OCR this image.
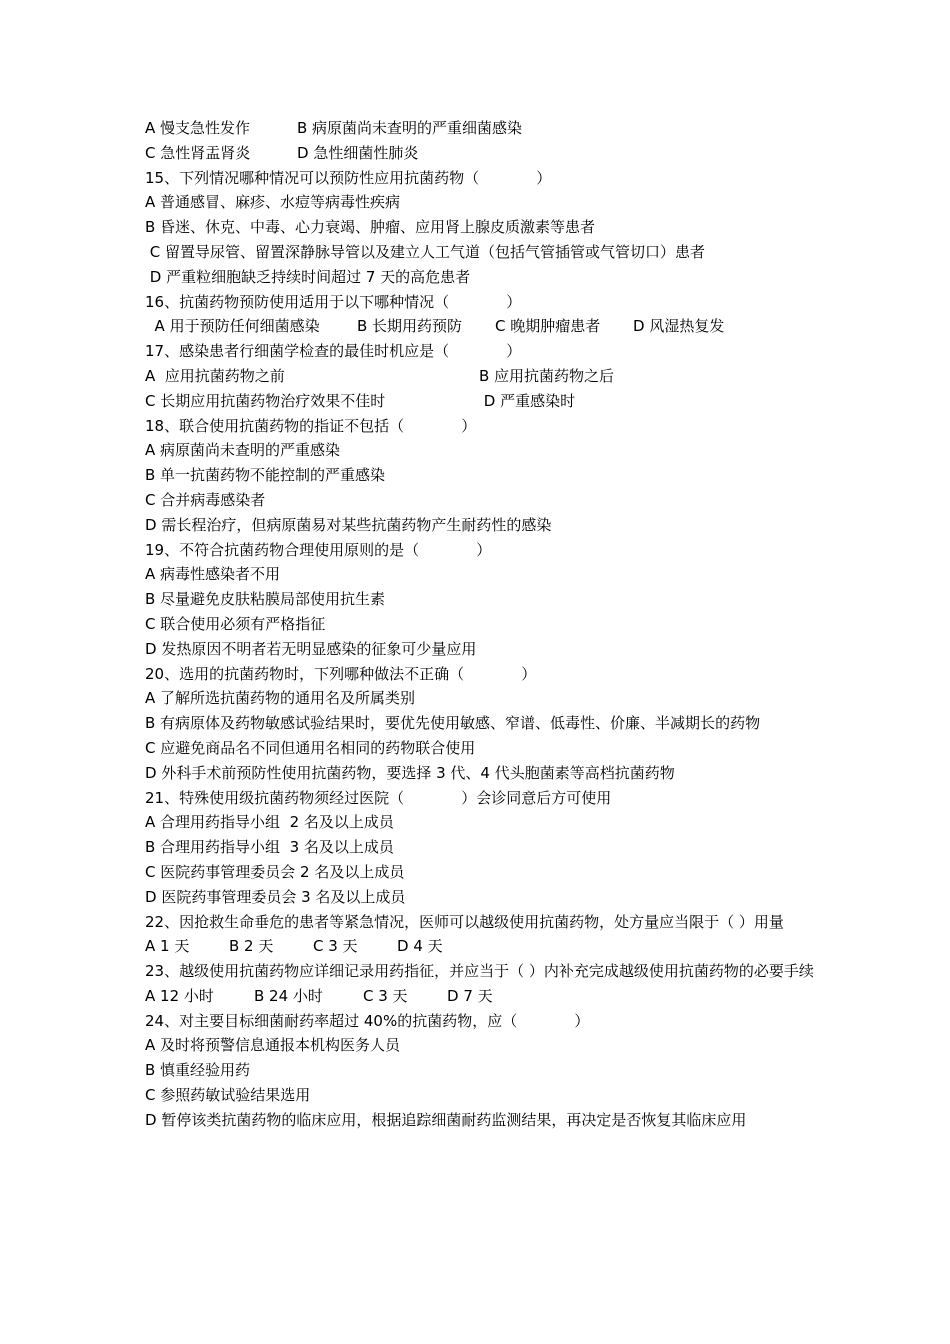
A 慢支急性发作	B 病原菌尚未查明的严重细菌感染
C 急性肾盂肾炎	D 急性细菌性肺炎
15、下列情况哪种情况可以预防性应用抗菌药物（            ）
A 普通感冒、麻疹、水痘等病毒性疾病
B 昏迷、休克、中毒、心力衰竭、肿瘤、应用肾上腺皮质激素等患者
C 留置导尿管、留置深静脉导管以及建立人工气道（包括气管插管或气管切口）患者
D 严重粒细胞缺乏持续时间超过 7 天的高危患者
16、抗菌药物预防使用适用于以下哪种情况（            ）
A 用于预防任何细菌感染	B 长期用药预防	C 晚期肿瘤患者	D 风湿热复发
17、感染患者行细菌学检查的最佳时机应是（            ）
A  应用抗菌药物之前	B 应用抗菌药物之后
C 长期应用抗菌药物治疗效果不佳时	D 严重感染时
18、联合使用抗菌药物的指证不包括（            ）
A 病原菌尚未查明的严重感染
B 单一抗菌药物不能控制的严重感染
C 合并病毒感染者
D 需长程治疗，但病原菌易对某些抗菌药物产生耐药性的感染
19、不符合抗菌药物合理使用原则的是（            ）
A 病毒性感染者不用
B 尽量避免皮肤粘膜局部使用抗生素
C 联合使用必须有严格指征
D 发热原因不明者若无明显感染的征象可少量应用
20、选用的抗菌药物时，下列哪种做法不正确（            ）
A 了解所选抗菌药物的通用名及所属类别
B 有病原体及药物敏感试验结果时，要优先使用敏感、窄谱、低毒性、价廉、半减期长的药物
C 应避免商品名不同但通用名相同的药物联合使用
D 外科手术前预防性使用抗菌药物，要选择 3 代、4 代头胞菌素等高档抗菌药物
21、特殊使用级抗菌药物须经过医院（            ）会诊同意后方可使用
A 合理用药指导小组  2 名及以上成员
B 合理用药指导小组  3 名及以上成员
C 医院药事管理委员会 2 名及以上成员
D 医院药事管理委员会 3 名及以上成员
22、因抢救生命垂危的患者等紧急情况，医师可以越级使用抗菌药物，处方量应当限于（ ）用量
A 1 天	B 2 天	C 3 天	D 4 天
23、越级使用抗菌药物应详细记录用药指征，并应当于（ ）内补充完成越级使用抗菌药物的必要手续
A 12 小时	B 24 小时	C 3 天	D 7 天
24、对主要目标细菌耐药率超过 40%的抗菌药物，应（            ）
A 及时将预警信息通报本机构医务人员
B 慎重经验用药
C 参照药敏试验结果选用
D 暂停该类抗菌药物的临床应用，根据追踪细菌耐药监测结果，再决定是否恢复其临床应用
